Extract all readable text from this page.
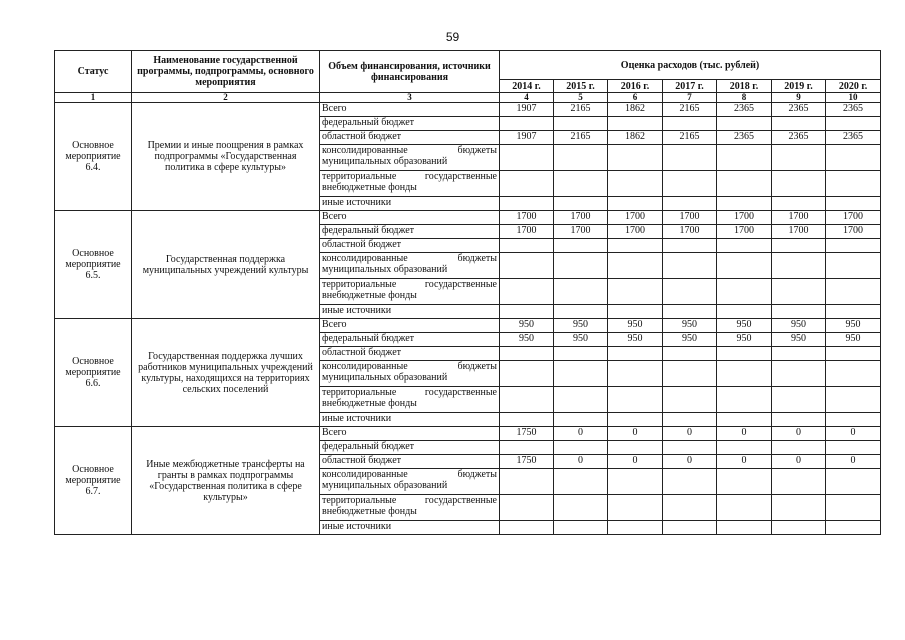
59
Статус	Наименование государственной программы, подпрограммы, основного мероприятия	Объем финансирования, источники финансирования	Оценка расходов (тыс. рублей)						
			2014 г.	2015 г.	2016 г.	2017 г.	2018 г.	2019 г.	2020 г.
1	2	3	4	5	6	7	8	9	10
Основное мероприятие 6.4.	Премии и иные поощрения в рамках подпрограммы «Государственная политика в сфере культуры»	Всего	1907	2165	1862	2165	2365	2365	2365
		федеральный бюджет							
		областной бюджет	1907	2165	1862	2165	2365	2365	2365
		консолидированные бюджеты муниципальных образований							
		территориальные государственные внебюджетные фонды							
		иные источники							
Основное мероприятие 6.5.	Государственная поддержка муниципальных учреждений культуры	Всего	1700	1700	1700	1700	1700	1700	1700
		федеральный бюджет	1700	1700	1700	1700	1700	1700	1700
		областной бюджет							
		консолидированные бюджеты муниципальных образований							
		территориальные государственные внебюджетные фонды							
		иные источники							
Основное мероприятие 6.6.	Государственная поддержка лучших работников муниципальных учреждений культуры, находящихся на территориях сельских поселений	Всего	950	950	950	950	950	950	950
		федеральный бюджет	950	950	950	950	950	950	950
		областной бюджет							
		консолидированные бюджеты муниципальных образований							
		территориальные государственные внебюджетные фонды							
		иные источники							
Основное мероприятие 6.7.	Иные межбюджетные трансферты на гранты в рамках подпрограммы «Государственная политика в сфере культуры»	Всего	1750	0	0	0	0	0	0
		федеральный бюджет							
		областной бюджет	1750	0	0	0	0	0	0
		консолидированные бюджеты муниципальных образований							
		территориальные государственные внебюджетные фонды							
		иные источники							
